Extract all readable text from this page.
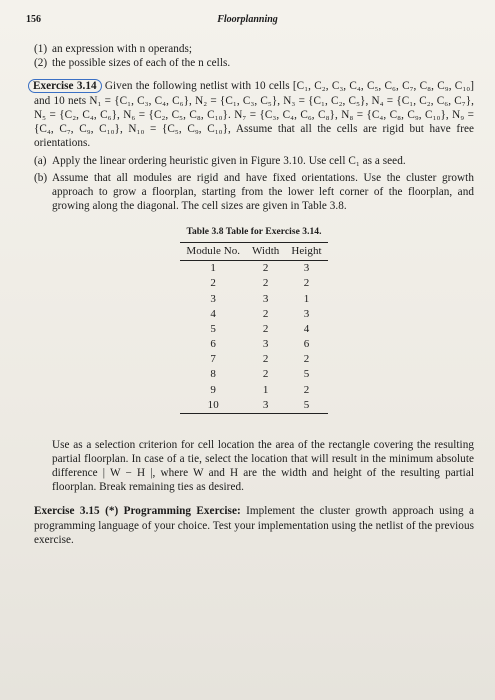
156	Floorplanning
(1) an expression with n operands;
(2) the possible sizes of each of the n cells.

Exercise 3.14 Given the following netlist with 10 cells [C₁, C₂, C₃, C₄, C₅, C₆, C₇, C₈, C₉, C₁₀] and 10 nets N₁ = {C₁, C₃, C₄, C₆}, N₂ = {C₁, C₃, C₅}, N₃ = {C₁, C₂, C₅}, N₄ = {C₁, C₂, C₆, C₇}, N₅ = {C₂, C₄, C₆}, N₆ = {C₂, C₅, C₈, C₁₀}. N₇ = {C₃, C₄, C₆, C₈}, N₈ = {C₄, C₈, C₉, C₁₀}, N₉ = {C₄, C₇, C₉, C₁₀}, N₁₀ = {C₅, C₉, C₁₀}, Assume that all the cells are rigid but have free orientations.

(a) Apply the linear ordering heuristic given in Figure 3.10. Use cell C₁ as a seed.
(b) Assume that all modules are rigid and have fixed orientations. Use the cluster growth approach to grow a floorplan, starting from the lower left corner of the floorplan, and growing along the diagonal. The cell sizes are given in Table 3.8.
Table 3.8 Table for Exercise 3.14.
Module No.	Width	Height
1	2	3
2	2	2
3	3	1
4	2	3
5	2	4
6	3	6
7	2	2
8	2	5
9	1	2
10	3	5

Use as a selection criterion for cell location the area of the rectangle covering the resulting partial floorplan. In case of a tie, select the location that will result in the minimum absolute difference | W − H |, where W and H are the width and height of the resulting partial floorplan. Break remaining ties as desired.

Exercise 3.15 (*) Programming Exercise: Implement the cluster growth approach using a programming language of your choice. Test your implementation using the netlist of the previous exercise.
